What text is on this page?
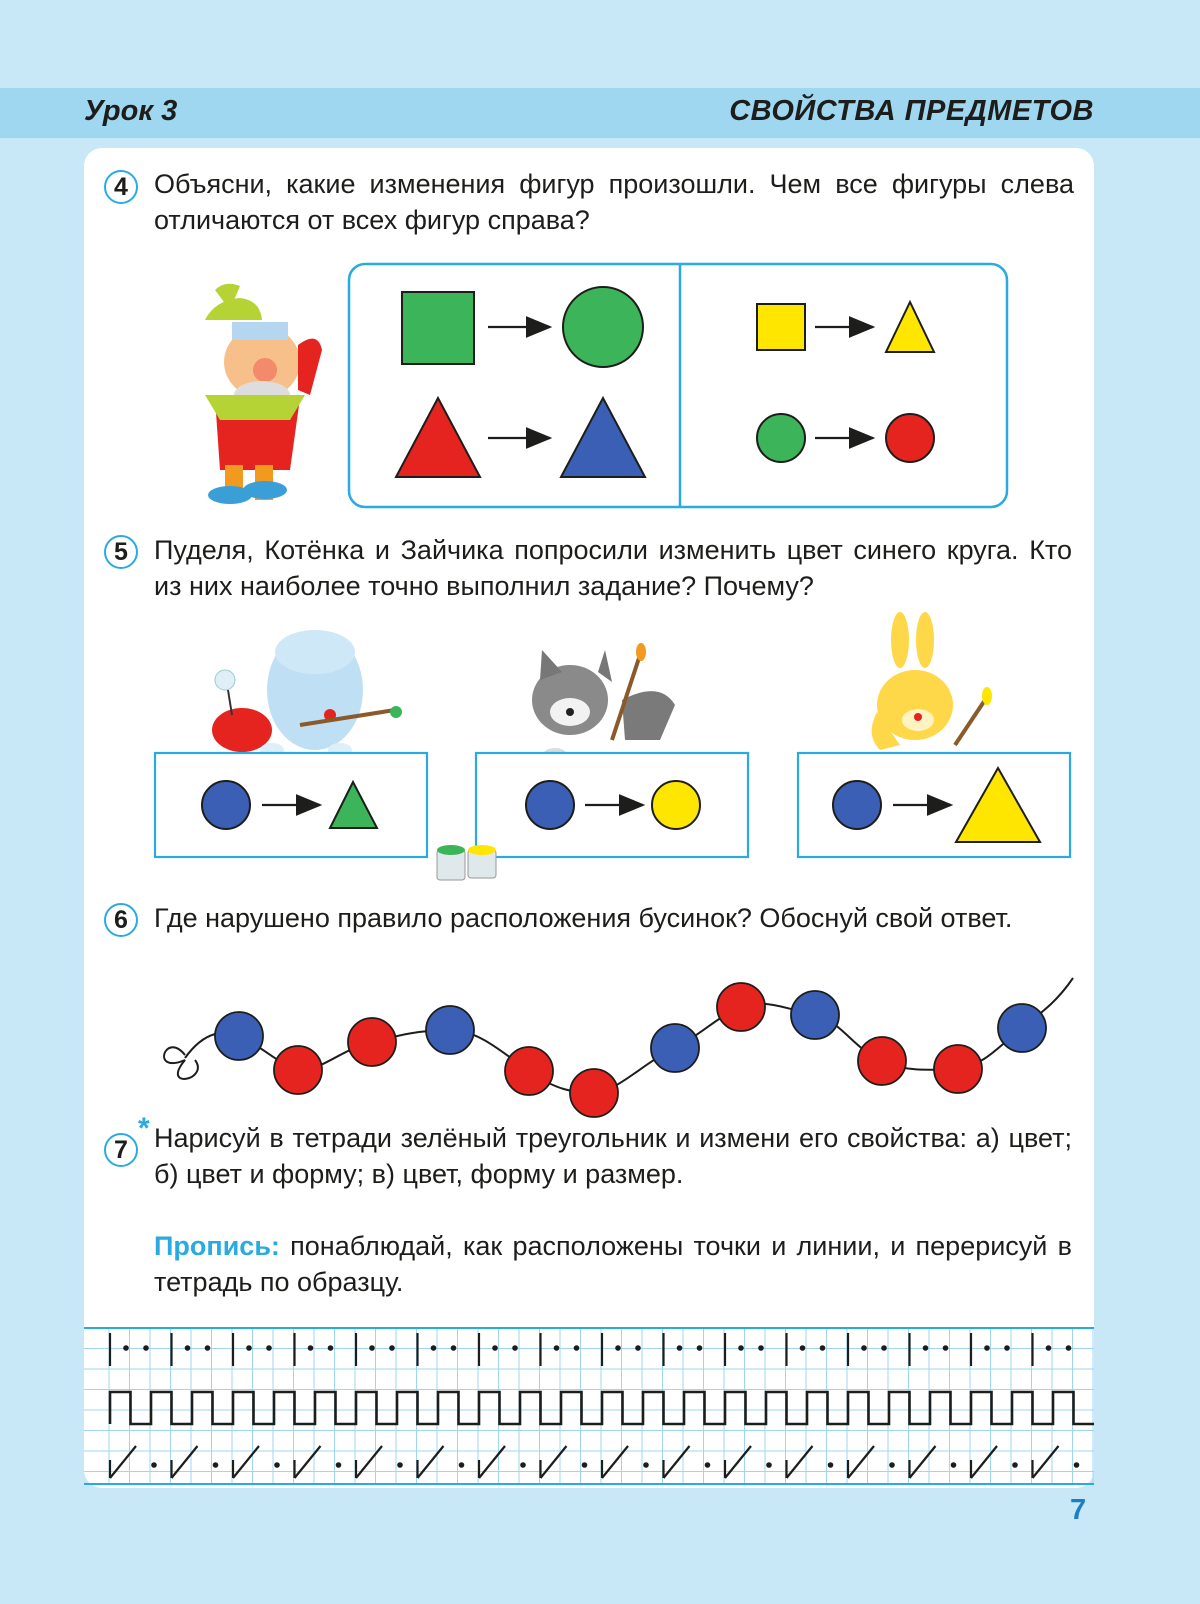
Урок 3	СВОЙСТВА ПРЕДМЕТОВ
4 Объясни, какие изменения фигур произошли. Чем все фигуры слева отличаются от всех фигур справа?
5 Пуделя, Котёнка и Зайчика попросили изменить цвет синего круга. Кто из них наиболее точно выполнил задание? Почему?
6 Где нарушено правило расположения бусинок? Обоснуй свой ответ.
7
* Нарисуй в тетради зелёный треугольник и измени его свойства: а) цвет; б) цвет и форму; в) цвет, форму и размер.
Пропись: понаблюдай, как расположены точки и линии, и перерисуй в тетрадь по образцу.
7
